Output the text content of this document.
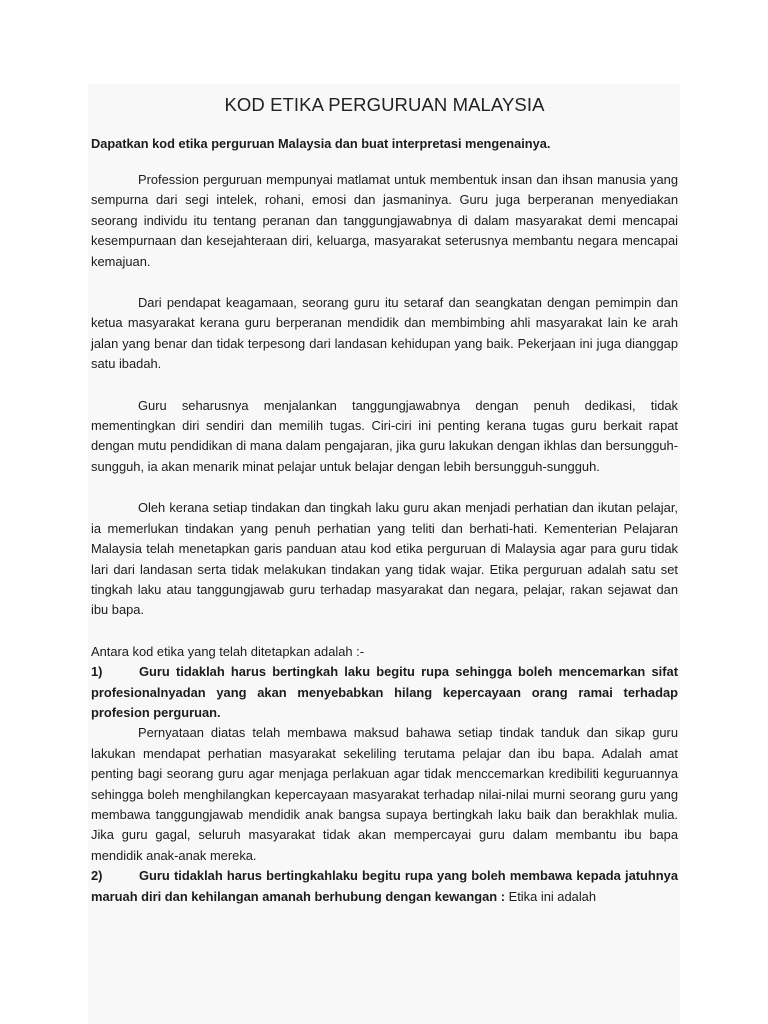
KOD ETIKA PERGURUAN MALAYSIA
Dapatkan kod etika perguruan Malaysia dan buat interpretasi mengenainya.

Profession perguruan mempunyai matlamat untuk membentuk insan dan ihsan manusia yang sempurna dari segi intelek, rohani, emosi dan jasmaninya. Guru juga berperanan menyediakan seorang individu itu tentang peranan dan tanggungjawabnya di dalam masyarakat demi mencapai kesempurnaan dan kesejahteraan diri, keluarga, masyarakat seterusnya membantu negara mencapai kemajuan.

Dari pendapat keagamaan, seorang guru itu setaraf dan seangkatan dengan pemimpin dan ketua masyarakat kerana guru berperanan mendidik dan membimbing ahli masyarakat lain ke arah jalan yang benar dan tidak terpesong dari landasan kehidupan yang baik. Pekerjaan ini juga dianggap satu ibadah.

Guru seharusnya menjalankan tanggungjawabnya dengan penuh dedikasi, tidak mementingkan diri sendiri dan memilih tugas. Ciri-ciri ini penting kerana tugas guru berkait rapat dengan mutu pendidikan di mana dalam pengajaran, jika guru lakukan dengan ikhlas dan bersungguh-sungguh, ia akan menarik minat pelajar untuk belajar dengan lebih bersungguh-sungguh.

Oleh kerana setiap tindakan dan tingkah laku guru akan menjadi perhatian dan ikutan pelajar, ia memerlukan tindakan yang penuh perhatian yang teliti dan berhati-hati. Kementerian Pelajaran Malaysia telah menetapkan garis panduan atau kod etika perguruan di Malaysia agar para guru tidak lari dari landasan serta tidak melakukan tindakan yang tidak wajar. Etika perguruan adalah satu set tingkah laku atau tanggungjawab guru terhadap masyarakat dan negara, pelajar, rakan sejawat dan ibu bapa.

Antara kod etika yang telah ditetapkan adalah :-

1)	Guru tidaklah harus bertingkah laku begitu rupa sehingga boleh mencemarkan sifat profesionalnyadan yang akan menyebabkan hilang kepercayaan orang ramai terhadap profesion perguruan.

Pernyataan diatas telah membawa maksud bahawa setiap tindak tanduk dan sikap guru lakukan mendapat perhatian masyarakat sekeliling terutama pelajar dan ibu bapa. Adalah amat penting bagi seorang guru agar menjaga perlakuan agar tidak menccemarkan kredibiliti keguruannya sehingga boleh menghilangkan kepercayaan masyarakat terhadap nilai-nilai murni seorang guru yang membawa tanggungjawab mendidik anak bangsa supaya bertingkah laku baik dan berakhlak mulia. Jika guru gagal, seluruh masyarakat tidak akan mempercayai guru dalam membantu ibu bapa mendidik anak-anak mereka.

2)	Guru tidaklah harus bertingkahlaku begitu rupa yang boleh membawa kepada jatuhnya maruah diri dan kehilangan amanah berhubung dengan kewangan : Etika ini adalah
